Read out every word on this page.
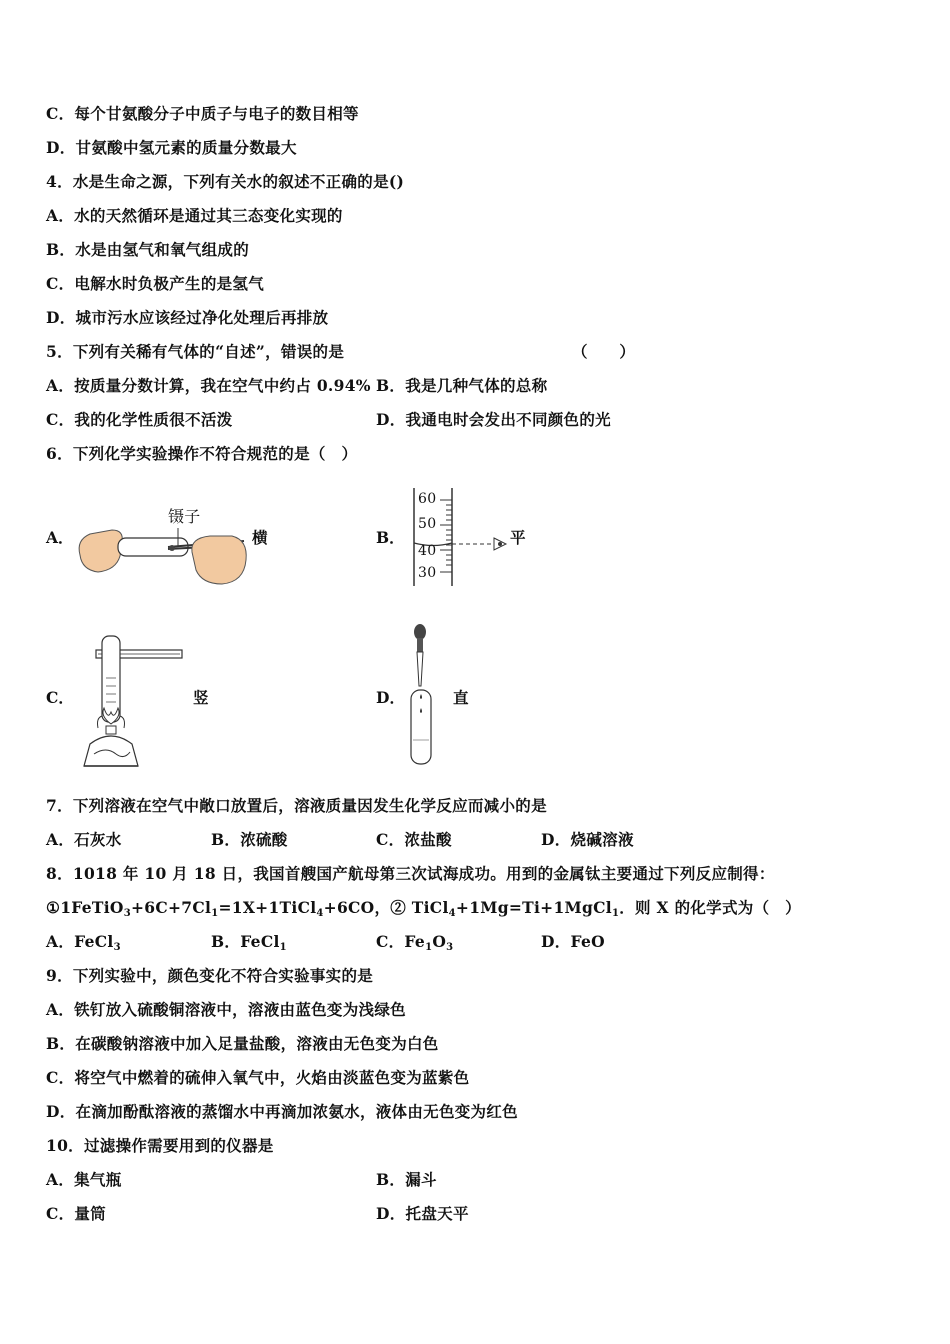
C．每个甘氨酸分子中质子与电子的数目相等
D．甘氨酸中氢元素的质量分数最大
4．水是生命之源，下列有关水的叙述不正确的是()
A．水的天然循环是通过其三态变化实现的
B．水是由氢气和氧气组成的
C．电解水时负极产生的是氢气
D．城市污水应该经过净化处理后再排放
5．下列有关稀有气体的“自述”，错误的是	（　　）
A．按质量分数计算，我在空气中约占 0.94% B．我是几种气体的总称
C．我的化学性质很不活泼	D．我通电时会发出不同颜色的光
6．下列化学实验操作不符合规范的是（　）
A．
镊子
横	B．
60
50
40
30
平
C．	竖	D．	直
7．下列溶液在空气中敞口放置后，溶液质量因发生化学反应而减小的是
A．石灰水	B．浓硫酸	C．浓盐酸	D．烧碱溶液
8．1018 年 10 月 18 日，我国首艘国产航母第三次试海成功。用到的金属钛主要通过下列反应制得：
$①1FeTiO_3+6C+7Cl_1=1X+1TiCl_4+6CO$，② TiCl$_4$+1Mg=Ti+1MgCl$_1$．则 X 的化学式为（　）
A．FeCl$_3$	B．FeCl$_1$	C．$Fe_1O_3$	D．FeO
9．下列实验中，颜色变化不符合实验事实的是
A．铁钉放入硫酸铜溶液中，溶液由蓝色变为浅绿色
B．在碳酸钠溶液中加入足量盐酸，溶液由无色变为白色
C．将空气中燃着的硫伸入氧气中，火焰由淡蓝色变为蓝紫色
D．在滴加酚酞溶液的蒸馏水中再滴加浓氨水，液体由无色变为红色
10．过滤操作需要用到的仪器是
A．集气瓶	B．漏斗
C．量筒	D．托盘天平
